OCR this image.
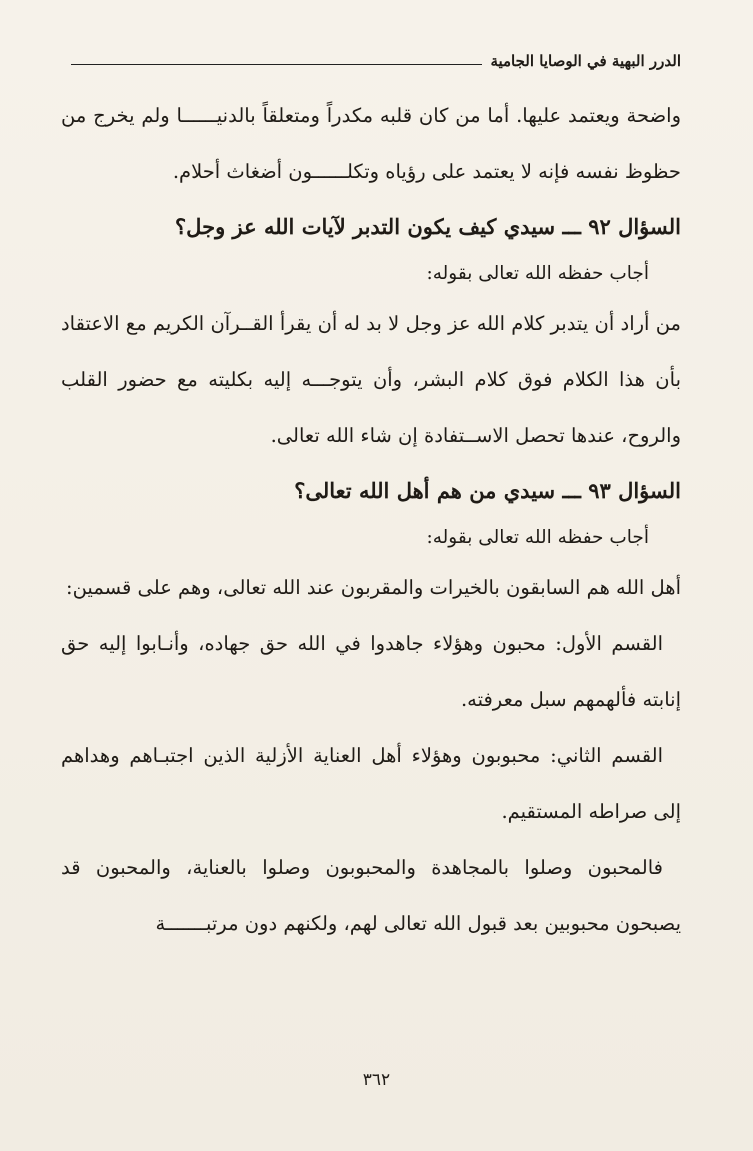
الدرر البهية في الوصايا الجامية

واضحة ويعتمد عليها. أما من كان قلبه مكدراً ومتعلقاً بالدنيــــــا ولم يخرج من حظوظ نفسه فإنه لا يعتمد على رؤياه وتكلــــــون أضغاث أحلام.

السؤال ٩٢ ـــ سيدي كيف يكون التدبر لآيات الله عز وجل؟

أجاب حفظه الله تعالى بقوله:

من أراد أن يتدبر كلام الله عز وجل لا بد له أن يقرأ القــرآن الكريم مع الاعتقاد بأن هذا الكلام فوق كلام البشر، وأن يتوجـــه إليه بكليته مع حضور القلب والروح، عندها تحصل الاســتفادة إن شاء الله تعالى.

السؤال ٩٣ ـــ سيدي من هم أهل الله تعالى؟

أجاب حفظه الله تعالى بقوله:

أهل الله هم السابقون بالخيرات والمقربون عند الله تعالى، وهم على قسمين:

القسم الأول: محبون وهؤلاء جاهدوا في الله حق جهاده، وأنـابوا إليه حق إنابته فألهمهم سبل معرفته.

القسم الثاني: محبوبون وهؤلاء أهل العناية الأزلية الذين اجتبـاهم وهداهم إلى صراطه المستقيم.

فالمحبون وصلوا بالمجاهدة والمحبوبون وصلوا بالعناية، والمحبون قد يصبحون محبوبين بعد قبول الله تعالى لهم، ولكنهم دون مرتبـــــــة

٣٦٢
